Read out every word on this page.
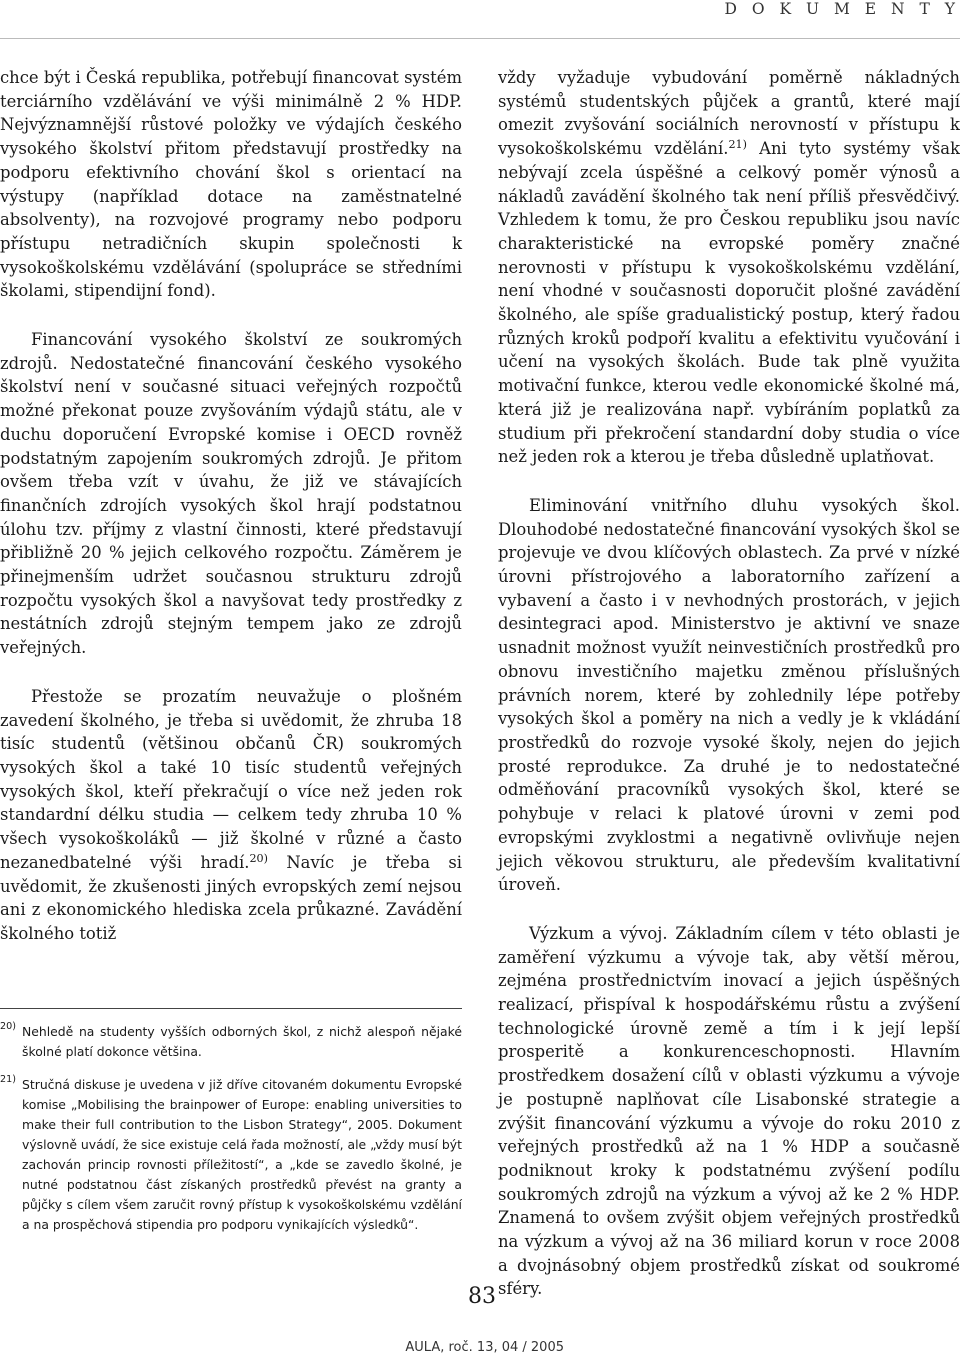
D O K U M E N T Y

chce být i Česká republika, potřebují financovat systém terciárního vzdělávání ve výši minimálně 2 % HDP. Nejvýznamnější růstové položky ve výdajích českého vysokého školství přitom představují prostředky na podporu efektivního chování škol s orientací na výstupy (například dotace na zaměstnatelné absolventy), na rozvojové programy nebo podporu přístupu netradičních skupin společnosti k vysokoškolskému vzdělávání (spolupráce se středními školami, stipendijní fond).

Financování vysokého školství ze soukromých zdrojů. Nedostatečné financování českého vysokého školství není v současné situaci veřejných rozpočtů možné překonat pouze zvyšováním výdajů státu, ale v duchu doporučení Evropské komise i OECD rovněž podstatným zapojením soukromých zdrojů. Je přitom ovšem třeba vzít v úvahu, že již ve stávajících finančních zdrojích vysokých škol hrají podstatnou úlohu tzv. příjmy z vlastní činnosti, které představují přibližně 20 % jejich celkového rozpočtu. Záměrem je přinejmenším udržet současnou strukturu zdrojů rozpočtu vysokých škol a navyšovat tedy prostředky z nestátních zdrojů stejným tempem jako ze zdrojů veřejných.

Přestože se prozatím neuvažuje o plošném zavedení školného, je třeba si uvědomit, že zhruba 18 tisíc studentů (většinou občanů ČR) soukromých vysokých škol a také 10 tisíc studentů veřejných vysokých škol, kteří překračují o více než jeden rok standardní délku studia — celkem tedy zhruba 10 % všech vysokoškoláků — již školné v různé a často nezanedbatelné výši hradí.$^{20)}$ Navíc je třeba si uvědomit, že zkušenosti jiných evropských zemí nejsou ani z ekonomického hlediska zcela průkazné. Zavádění školného totiž

20) Nehledě na studenty vyšších odborných škol, z nichž alespoň nějaké školné platí dokonce většina.
21) Stručná diskuse je uvedena v již dříve citovaném dokumentu Evropské komise „Mobilising the brainpower of Europe: enabling universities to make their full contribution to the Lisbon Strategy“, 2005. Dokument výslovně uvádí, že sice existuje celá řada možností, ale „vždy musí být zachován princip rovnosti příležitostí“, a „kde se zavedlo školné, je nutné podstatnou část získaných prostředků převést na granty a půjčky s cílem všem zaručit rovný přístup k vysokoškolskému vzdělání a na prospěchová stipendia pro podporu vynikajících výsledků“.

vždy vyžaduje vybudování poměrně nákladných systémů studentských půjček a grantů, které mají omezit zvyšování sociálních nerovností v přístupu k vysokoškolskému vzdělání.$^{21)}$ Ani tyto systémy však nebývají zcela úspěšné a celkový poměr výnosů a nákladů zavádění školného tak není příliš přesvědčivý. Vzhledem k tomu, že pro Českou republiku jsou navíc charakteristické na evropské poměry značné nerovnosti v přístupu k vysokoškolskému vzdělání, není vhodné v současnosti doporučit plošné zavádění školného, ale spíše gradualistický postup, který řadou různých kroků podpoří kvalitu a efektivitu vyučování i učení na vysokých školách. Bude tak plně využita motivační funkce, kterou vedle ekonomické školné má, která již je realizována např. vybíráním poplatků za studium při překročení standardní doby studia o více než jeden rok a kterou je třeba důsledně uplatňovat.

Eliminování vnitřního dluhu vysokých škol. Dlouhodobé nedostatečné financování vysokých škol se projevuje ve dvou klíčových oblastech. Za prvé v nízké úrovni přístrojového a laboratorního zařízení a vybavení a často i v nevhodných prostorách, v jejich desintegraci apod. Ministerstvo je aktivní ve snaze usnadnit možnost využít neinvestičních prostředků pro obnovu investičního majetku změnou příslušných právních norem, které by zohlednily lépe potřeby vysokých škol a poměry na nich a vedly je k vkládání prostředků do rozvoje vysoké školy, nejen do jejich prosté reprodukce. Za druhé je to nedostatečné odměňování pracovníků vysokých škol, které se pohybuje v relaci k platové úrovni v zemi pod evropskými zvyklostmi a negativně ovlivňuje nejen jejich věkovou strukturu, ale především kvalitativní úroveň.

Výzkum a vývoj. Základním cílem v této oblasti je zaměření výzkumu a vývoje tak, aby větší měrou, zejména prostřednictvím inovací a jejich úspěšných realizací, přispíval k hospodářskému růstu a zvýšení technologické úrovně země a tím i k její lepší prosperitě a konkurenceschopnosti. Hlavním prostředkem dosažení cílů v oblasti výzkumu a vývoje je postupně naplňovat cíle Lisabonské strategie a zvýšit financování výzkumu a vývoje do roku 2010 z veřejných prostředků až na 1 % HDP a současně podniknout kroky k podstatnému zvýšení podílu soukromých zdrojů na výzkum a vývoj až ke 2 % HDP. Znamená to ovšem zvýšit objem veřejných prostředků na výzkum a vývoj až na 36 miliard korun v roce 2008 a dvojnásobný objem prostředků získat od soukromé sféry.

83
AULA, roč. 13, 04 / 2005
